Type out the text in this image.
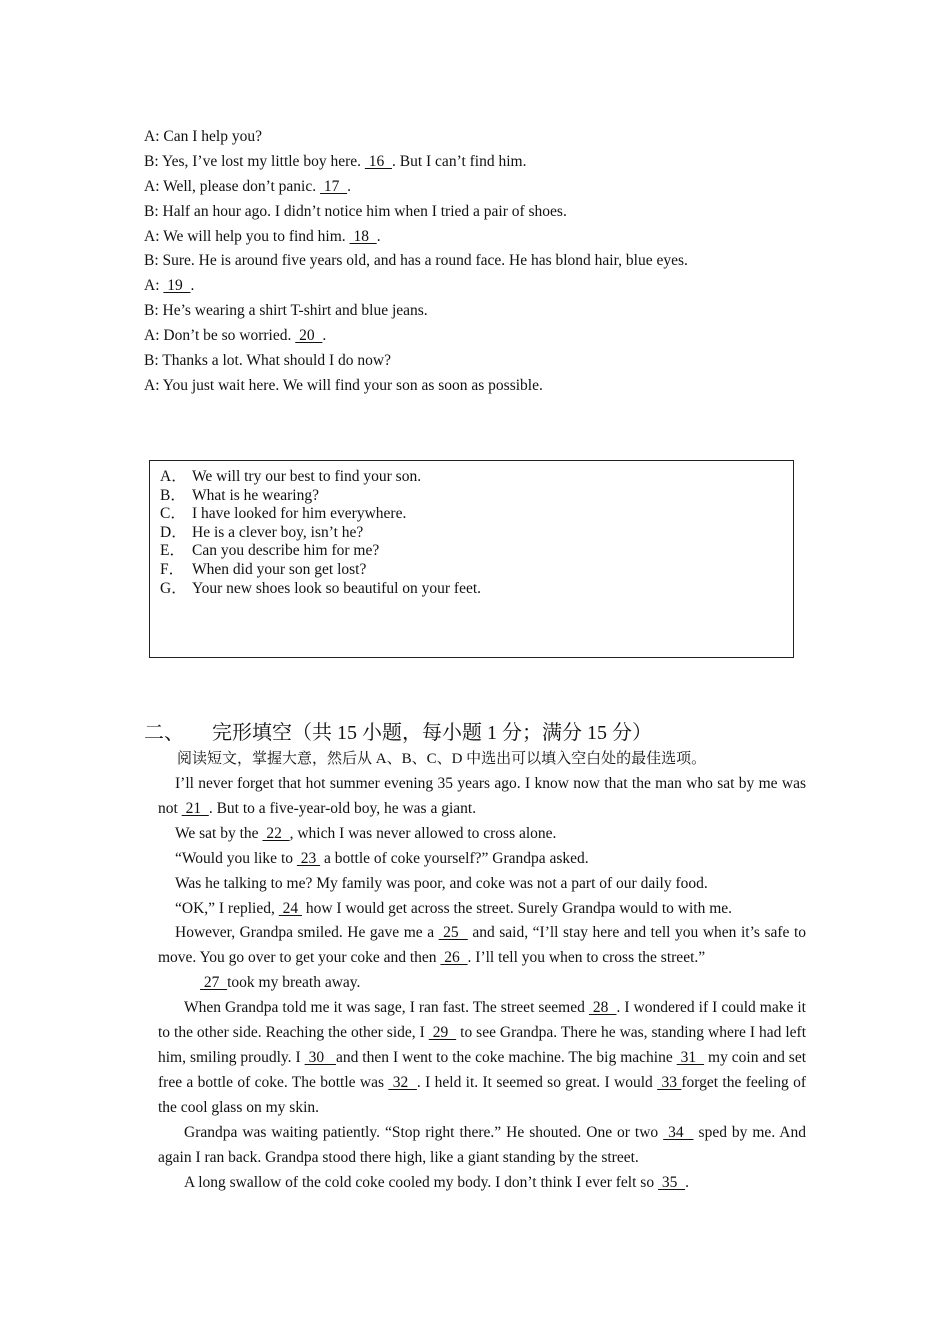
A: Can I help you?
B: Yes, I’ve lost my little boy here.  16  . But I can’t find him.
A: Well, please don’t panic.  17  .
B: Half an hour ago. I didn’t notice him when I tried a pair of shoes.
A: We will help you to find him.  18  .
B: Sure. He is around five years old, and has a round face. He has blond hair, blue eyes.
A:  19  .
B: He’s wearing a shirt T-shirt and blue jeans.
A: Don’t be so worried.  20  .
B: Thanks a lot. What should I do now?
A: You just wait here. We will find your son as soon as possible.
A． We will try our best to find your son.
B． What is he wearing?
C． I have looked for him everywhere.
D． He is a clever boy, isn’t he?
E． Can you describe him for me?
F． When did your son get lost?
G． Your new shoes look so beautiful on your feet.
二、 完形填空（共 15 小题，每小题 1 分；满分 15 分）
阅读短文，掌握大意，然后从 A、B、C、D 中选出可以填入空白处的最佳选项。

I’ll never forget that hot summer evening 35 years ago. I know now that the man who sat by me was not  21  . But to a five-year-old boy, he was a giant.

We sat by the  22  , which I was never allowed to cross alone.

“Would you like to  23  a bottle of coke yourself?” Grandpa asked.

Was he talking to me? My family was poor, and coke was not a part of our daily food.

“OK,” I replied,  24  how I would get across the street. Surely Grandpa would to with me.

However, Grandpa smiled. He gave me a  25   and said, “I’ll stay here and tell you when it’s safe to move. You go over to get your coke and then  26  . I’ll tell you when to cross the street.”

27  took my breath away.

When Grandpa told me it was sage, I ran fast. The street seemed  28  . I wondered if I could make it to the other side. Reaching the other side, I  29   to see Grandpa. There he was, standing where I had left him, smiling proudly. I  30   and then I went to the coke machine. The big machine  31   my coin and set free a bottle of coke. The bottle was  32  . I held it. It seemed so great. I would  33 forget the feeling of the cool glass on my skin.

Grandpa was waiting patiently. “Stop right there.” He shouted. One or two  34   sped by me. And again I ran back. Grandpa stood there high, like a giant standing by the street.

A long swallow of the cold coke cooled my body. I don’t think I ever felt so  35  .
